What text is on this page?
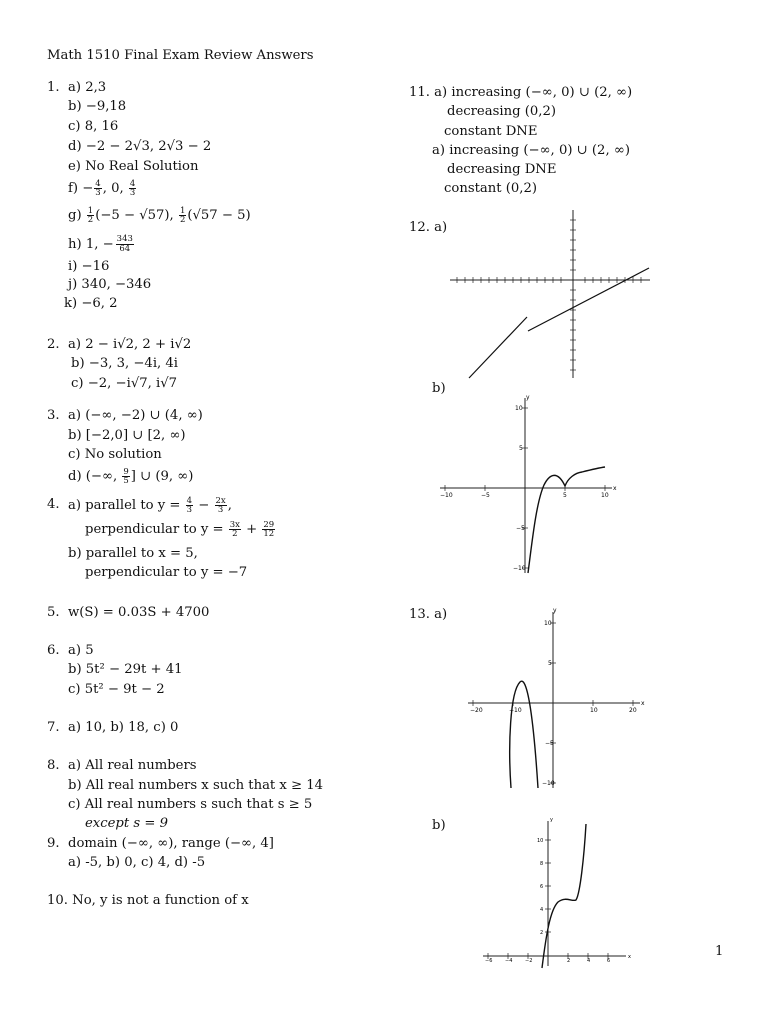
Math 1510 Final Exam Review Answers
1. a) 2,3
b) −9,18
c) 8, 16
d) −2 − 2√3, 2√3 − 2
e) No Real Solution
$f) - \frac{4}{3}$ , 0, $\frac{4}{3}$
$g) \frac{1}{2} (-5 - √57)$, $\frac{1}{2} (√57 - 5)$
h) 1, − $\frac{343}{64}$
i) −16
j) 340, −346
k) −6, 2
2. a) 2 − i√2, 2 + i√2
b) −3, 3, −4i, 4i
c) −2, −i√7, i√7
3. a) (−∞, −2) ∪ (4, ∞)
b) [−2,0] ∪ [2, ∞)
c) No solution
d) (−∞, $\frac{9}{5}$ ] ∪ (9, ∞)
4. a) parallel to $y = \frac{4}{3} - \frac{2x}{3}$ ,
perpendicular to $y = \frac{3x}{2} + \frac{29}{12}$
b) parallel to x = 5,
perpendicular to y = −7
5. w(S) = 0.03S + 4700
6. a) 5
b) 5t² − 29t + 41
c) 5t² − 9t − 2
7. a) 10, b) 18, c) 0
8. a) All real numbers
b) All real numbers x such that x ≥ 14
c) All real numbers s such that s ≥ 5
except s = 9
9. domain (−∞, ∞), range (−∞, 4]
a) -5, b) 0, c) 4, d) -5
10. No, y is not a function of x
11. a) increasing (−∞, 0) ∪ (2, ∞)
decreasing (0,2)
constant DNE
a) increasing (−∞, 0) ∪ (2, ∞)
decreasing DNE
constant (0,2)
12. a)
b)
13. a)
b)
y
x
10
5
−5
−10
−10	−5	5	10
y
x
10
5
−5
−10
−20	−10	10	20
y
x
10
8
6
4
2
−6	−4	−2	2	4	6
1
